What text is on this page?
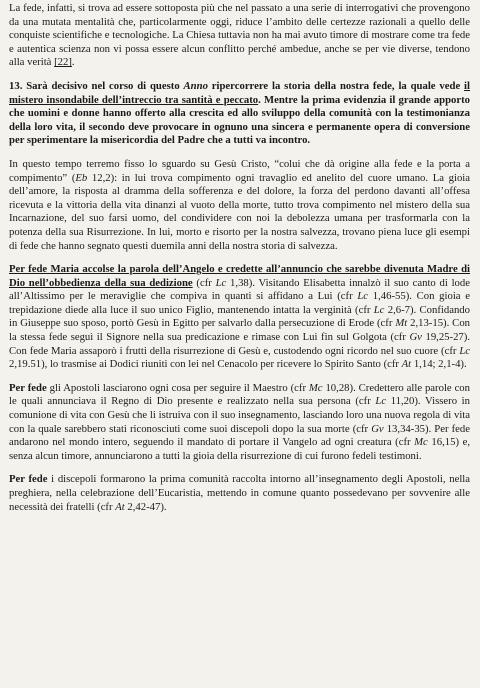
La fede, infatti, si trova ad essere sottoposta più che nel passato a una serie di interrogativi che provengono da una mutata mentalità che, particolarmente oggi, riduce l’ambito delle certezze razionali a quello delle conquiste scientifiche e tecnologiche. La Chiesa tuttavia non ha mai avuto timore di mostrare come tra fede e autentica scienza non vi possa essere alcun conflitto perché ambedue, anche se per vie diverse, tendono alla verità [22].

13. Sarà decisivo nel corso di questo Anno ripercorrere la storia della nostra fede, la quale vede il mistero insondabile dell’intreccio tra santità e peccato. Mentre la prima evidenzia il grande apporto che uomini e donne hanno offerto alla crescita ed allo sviluppo della comunità con la testimonianza della loro vita, il secondo deve provocare in ognuno una sincera e permanente opera di conversione per sperimentare la misericordia del Padre che a tutti va incontro.

In questo tempo terremo fisso lo sguardo su Gesù Cristo, “colui che dà origine alla fede e la porta a compimento” (Eb 12,2): in lui trova compimento ogni travaglio ed anelito del cuore umano. La gioia dell’amore, la risposta al dramma della sofferenza e del dolore, la forza del perdono davanti all’offesa ricevuta e la vittoria della vita dinanzi al vuoto della morte, tutto trova compimento nel mistero della sua Incarnazione, del suo farsi uomo, del condividere con noi la debolezza umana per trasformarla con la potenza della sua Risurrezione. In lui, morto e risorto per la nostra salvezza, trovano piena luce gli esempi di fede che hanno segnato questi duemila anni della nostra storia di salvezza.

Per fede Maria accolse la parola dell’Angelo e credette all’annuncio che sarebbe divenuta Madre di Dio nell’obbedienza della sua dedizione (cfr Lc 1,38). Visitando Elisabetta innalzò il suo canto di lode all’Altissimo per le meraviglie che compiva in quanti si affidano a Lui (cfr Lc 1,46-55). Con gioia e trepidazione diede alla luce il suo unico Figlio, mantenendo intatta la verginità (cfr Lc 2,6-7). Confidando in Giuseppe suo sposo, portò Gesù in Egitto per salvarlo dalla persecuzione di Erode (cfr Mt 2,13-15). Con la stessa fede seguì il Signore nella sua predicazione e rimase con Lui fin sul Golgota (cfr Gv 19,25-27). Con fede Maria assaporò i frutti della risurrezione di Gesù e, custodendo ogni ricordo nel suo cuore (cfr Lc 2,19.51), lo trasmise ai Dodici riuniti con lei nel Cenacolo per ricevere lo Spirito Santo (cfr At 1,14; 2,1-4).

Per fede gli Apostoli lasciarono ogni cosa per seguire il Maestro (cfr Mc 10,28). Credettero alle parole con le quali annunciava il Regno di Dio presente e realizzato nella sua persona (cfr Lc 11,20). Vissero in comunione di vita con Gesù che li istruiva con il suo insegnamento, lasciando loro una nuova regola di vita con la quale sarebbero stati riconosciuti come suoi discepoli dopo la sua morte (cfr Gv 13,34-35). Per fede andarono nel mondo intero, seguendo il mandato di portare il Vangelo ad ogni creatura (cfr Mc 16,15) e, senza alcun timore, annunciarono a tutti la gioia della risurrezione di cui furono fedeli testimoni.

Per fede i discepoli formarono la prima comunità raccolta intorno all’insegnamento degli Apostoli, nella preghiera, nella celebrazione dell’Eucaristia, mettendo in comune quanto possedevano per sovvenire alle necessità dei fratelli (cfr At 2,42-47).
